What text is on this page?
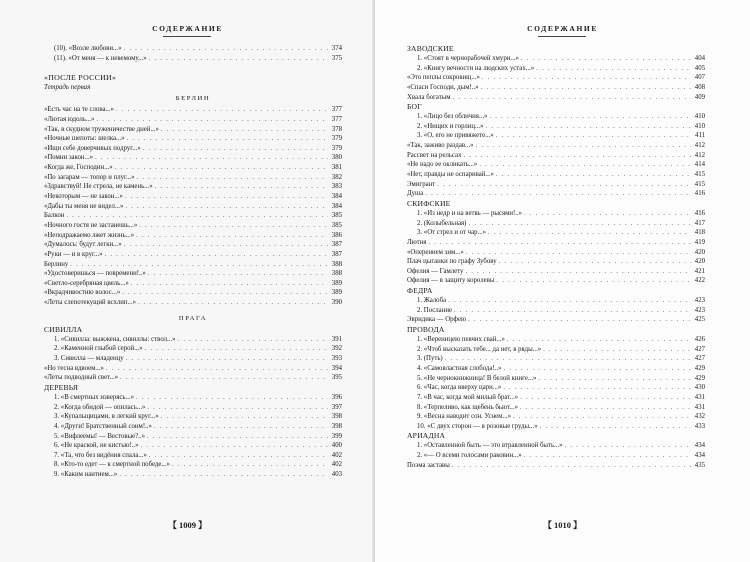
СОДЕРЖАНИЕ
(10). «Возле любови...» . . .	374
(11). «От меня — к невемому...» . . .	375
«ПОСЛЕ РОССИИ»
Тетрадь первая
БЕРЛИН
«Есть час на те слова...» . . .	377
«Лютая юдоль...» . . .	377
«Так, в скудном труженичестве дней...» . . .	378
«Ночные шепоты: шелка...» . . .	379
«Ищи себе доверчивых подруг...» . . .	379
«Помни закон...» . . .	380
«Когда же, Господин...» . . .	381
«По загарам — топор и плуг...» . . .	382
«Здравствуй! Не стрела, не камень...» . . .	383
«Некоторым — не закон...» . . .	384
«Дабы ты меня не видел...» . . .	384
Балкон . . .	385
«Ночного гостя не застанешь...» . . .	385
«Неподражаемо лжет жизнь...» . . .	386
«Думалось: будут легки...» . . .	387
«Руки — и в круг...» . . .	387
Берлину . . .	388
«Удостоверишься — повремени!..» . . .	388
«Светло-серебряная цвель...» . . .	389
«Вкрадчивостию волос...» . . .	389
«Леты слепотекущий всхлип...» . . .	390
ПРАГА
СИВИЛЛА
1. «Сивилла: выжжена, сивиллы: ствол...» . . .	391
2. «Каменной глыбой серой...» . . .	392
3. Сивилла — младенцу . . .	393
«Но тесна вдвоем...» . . .	394
«Леты подводный свет...» . . .	395
ДЕРЕВЬЯ
1. «В смертных изверясь...» . . .	396
2. «Когда обидой — опилась...» . . .	397
3. «Купальщицами, в легкий круг...» . . .	398
4. «Други! Братственный сонм!..» . . .	398
5. «Вифлеемы! — Вестовые?..» . . .	399
6. «Не краской, не кистью!..» . . .	400
7. «Та, что без видёния спала...» . . .	402
8. «Кто-то едет — к смертной победе...» . . .	402
9. «Каким наитием...» . . .	403
【 1009 】
СОДЕРЖАНИЕ
ЗАВОДСКИЕ
1. «Стоят в чернорабочей хмури...» . . .	404
2. «Книгу вечности на людских устах...» . . .	405
«Это пеплы сокровищ...» . . .	407
«Спаси Господи, дым!..» . . .	408
Хвала богатым . . .	409
БОГ
1. «Лицо без обличия...» . . .	410
2. «Нищих и горлиц...» . . .	410
3. «О, его не привяжете...» . . .	411
«Так, заживо раздав...» . . .	412
Рассвет на рельсах . . .	412
«Не надо ее окликать...» . . .	414
«Нет, правды не оспаривай...» . . .	415
Эмигрант . . .	415
Душа . . .	416
СКИФСКИЕ
1. «Из недр и на ветвь — рысями!..» . . .	416
2. (Колыбельная) . . .	417
3. «От стрел и от чар...» . . .	418
Лютня . . .	419
«Оперением зим...» . . .	420
Плач цыганки по графу Зубову . . .	420
Офелия — Гамлету . . .	421
Офелия — в защиту королевы . . .	422
ФЕДРА
1. Жалоба . . .	423
2. Послание . . .	423
Эвридика — Орфею . . .	425
ПРОВОДА
1. «Вереницею певчих свай...» . . .	426
2. «Чтоб высказать тебе... да нет, в ряды...» . . .	427
3. (Путь) . . .	427
4. «Самовластная слобода!..» . . .	429
5. «Не чернокнижница! В белой книге...» . . .	429
6. «Час, когда вверху цари...» . . .	430
7. «В час, когда мой милый брат...» . . .	431
8. «Терпеливо, как щебень бьют...» . . .	431
9. «Весна наводит сон. Уснем...» . . .	432
10. «С двух сторон — в розовые груды...» . . .	433
АРИАДНА
1. «Оставленной быть — это втравленной быть...» . . .	434
2. «— О всеми голосами раковин...» . . .	434
Поэма заставы . . .	435
【 1010 】
